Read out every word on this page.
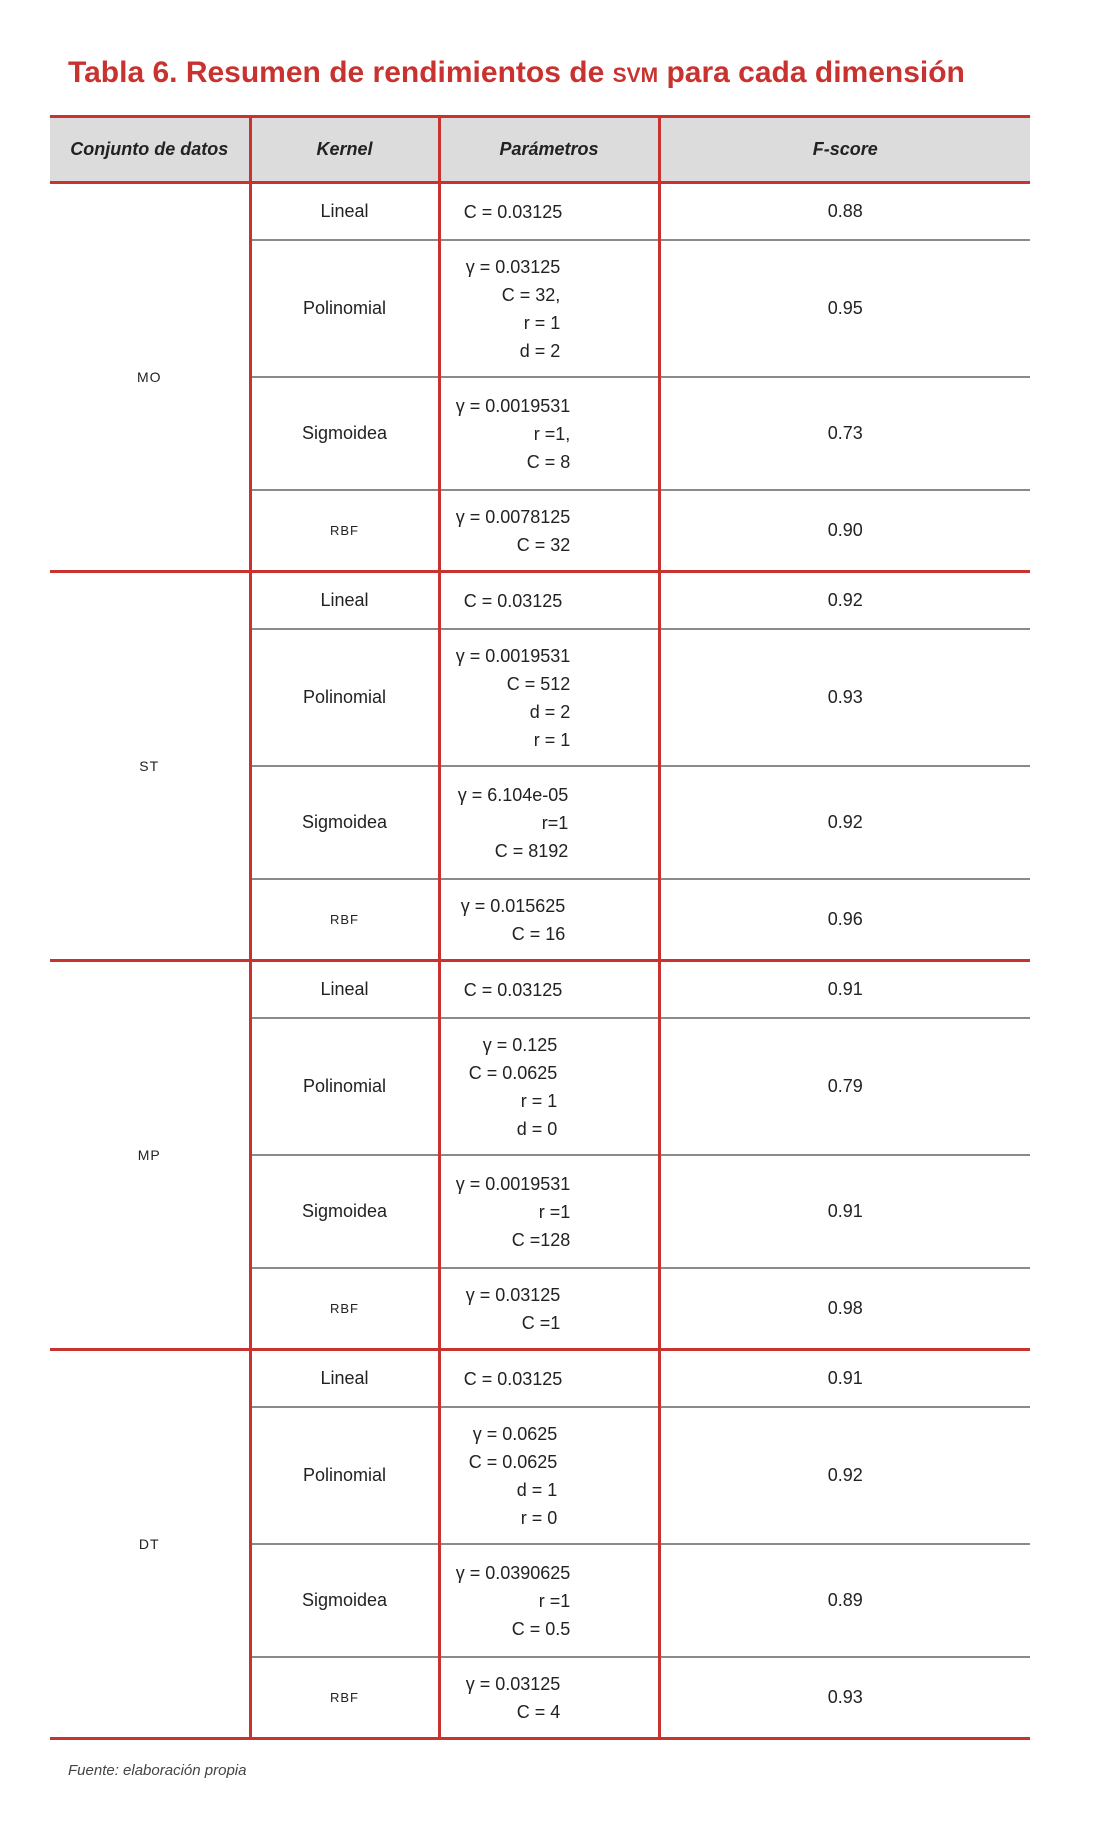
Tabla 6. Resumen de rendimientos de svm para cada dimensión
Conjunto de datos	Kernel	Parámetros	F-score
MO	Lineal	C = 0.03125	0.88
	Polinomial	γ = 0.03125
C = 32,
r = 1
d = 2	0.95
	Sigmoidea	γ = 0.0019531
r =1,
C = 8	0.73
	RBF	γ = 0.0078125
C = 32	0.90
ST	Lineal	C = 0.03125	0.92
	Polinomial	γ = 0.0019531
C = 512
d = 2
r = 1	0.93
	Sigmoidea	γ = 6.104e-05
r=1
C = 8192	0.92
	RBF	γ = 0.015625
C = 16	0.96
MP	Lineal	C = 0.03125	0.91
	Polinomial	γ = 0.125
C = 0.0625
r = 1
d = 0	0.79
	Sigmoidea	γ = 0.0019531
r =1
C =128	0.91
	RBF	γ = 0.03125
C =1	0.98
DT	Lineal	C = 0.03125	0.91
	Polinomial	γ = 0.0625
C = 0.0625
d = 1
r = 0	0.92
	Sigmoidea	γ = 0.0390625
r =1
C = 0.5	0.89
	RBF	γ = 0.03125
C = 4	0.93
Fuente: elaboración propia
